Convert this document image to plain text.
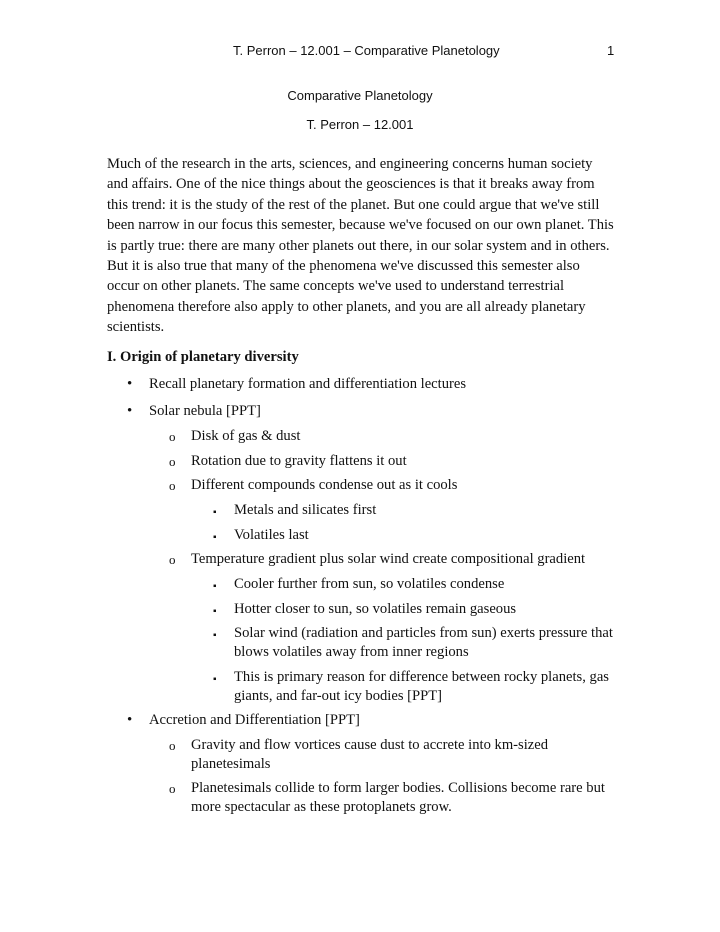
T. Perron – 12.001 – Comparative Planetology	1
Comparative Planetology
T. Perron – 12.001

Much of the research in the arts, sciences, and engineering concerns human society and affairs. One of the nice things about the geosciences is that it breaks away from this trend: it is the study of the rest of the planet. But one could argue that we've still been narrow in our focus this semester, because we've focused on our own planet. This is partly true: there are many other planets out there, in our solar system and in others. But it is also true that many of the phenomena we've discussed this semester also occur on other planets. The same concepts we've used to understand terrestrial phenomena therefore also apply to other planets, and you are all already planetary scientists.

I. Origin of planetary diversity
• Recall planetary formation and differentiation lectures
• Solar nebula [PPT]
o Disk of gas & dust
o Rotation due to gravity flattens it out
o Different compounds condense out as it cools
▪ Metals and silicates first
▪ Volatiles last
o Temperature gradient plus solar wind create compositional gradient
▪ Cooler further from sun, so volatiles condense
▪ Hotter closer to sun, so volatiles remain gaseous
▪ Solar wind (radiation and particles from sun) exerts pressure that blows volatiles away from inner regions
▪ This is primary reason for difference between rocky planets, gas giants, and far-out icy bodies [PPT]
• Accretion and Differentiation [PPT]
o Gravity and flow vortices cause dust to accrete into km-sized planetesimals
o Planetesimals collide to form larger bodies. Collisions become rare but more spectacular as these protoplanets grow.
